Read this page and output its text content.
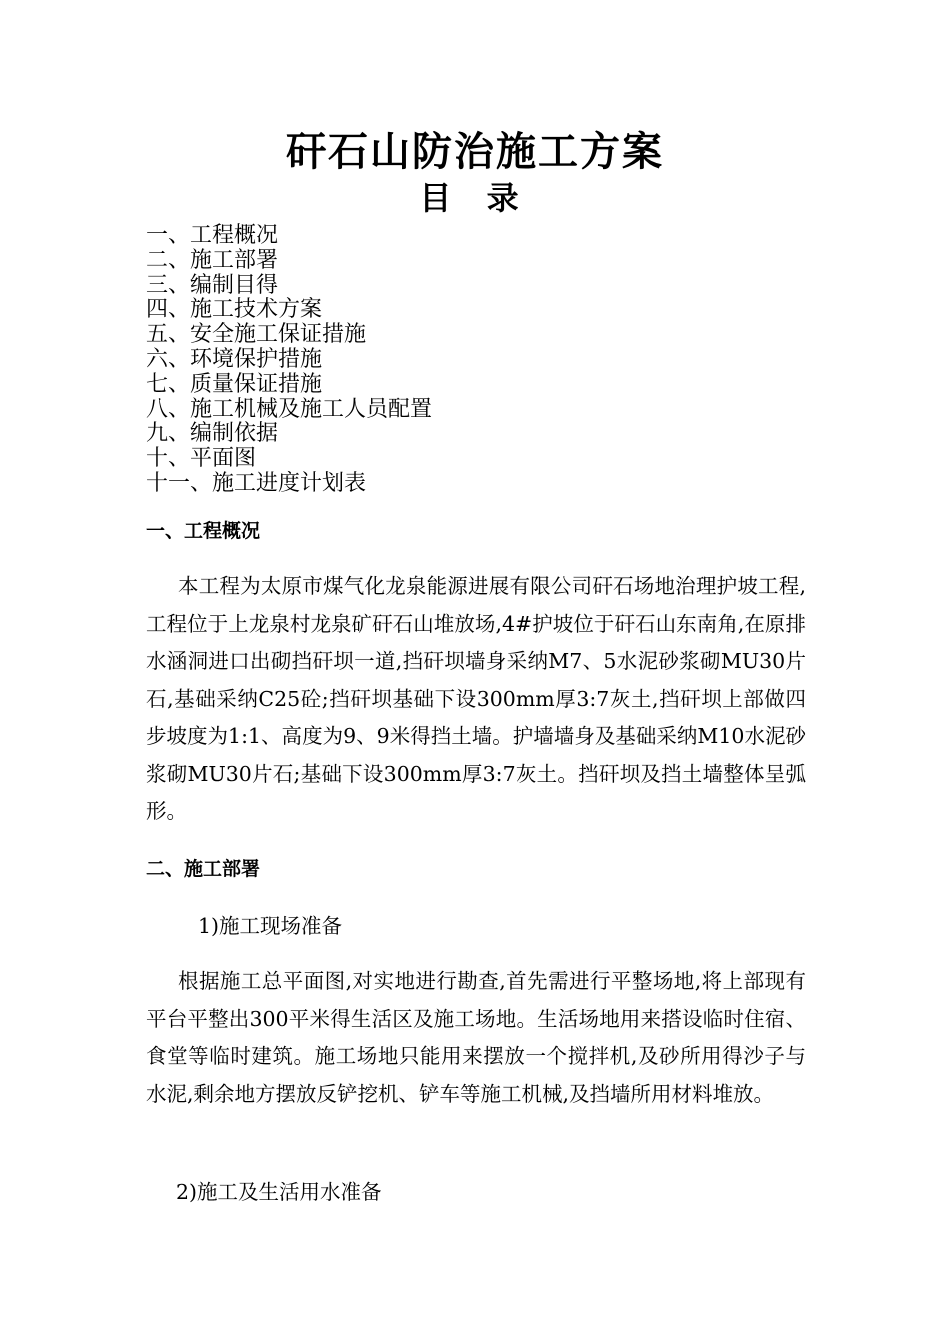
矸石山防治施工方案
目 录
一、工程概况
二、施工部署
三、编制目得
四、施工技术方案
五、安全施工保证措施
六、环境保护措施
七、质量保证措施
八、施工机械及施工人员配置
九、编制依据
十、平面图
十一、施工进度计划表
一、工程概况

本工程为太原市煤气化龙泉能源进展有限公司矸石场地治理护坡工程,工程位于上龙泉村龙泉矿矸石山堆放场,4#护坡位于矸石山东南角,在原排水涵洞进口出砌挡矸坝一道,挡矸坝墙身采纳M7、5水泥砂浆砌MU30片石,基础采纳C25砼;挡矸坝基础下设300mm厚3:7灰土,挡矸坝上部做四步坡度为1:1、高度为9、9米得挡土墙。护墙墙身及基础采纳M10水泥砂浆砌MU30片石;基础下设300mm厚3:7灰土。挡矸坝及挡土墙整体呈弧形。

二、施工部署

1)施工现场准备

根据施工总平面图,对实地进行勘查,首先需进行平整场地,将上部现有平台平整出300平米得生活区及施工场地。生活场地用来搭设临时住宿、食堂等临时建筑。施工场地只能用来摆放一个搅拌机,及砂所用得沙子与水泥,剩余地方摆放反铲挖机、铲车等施工机械,及挡墙所用材料堆放。

2)施工及生活用水准备
